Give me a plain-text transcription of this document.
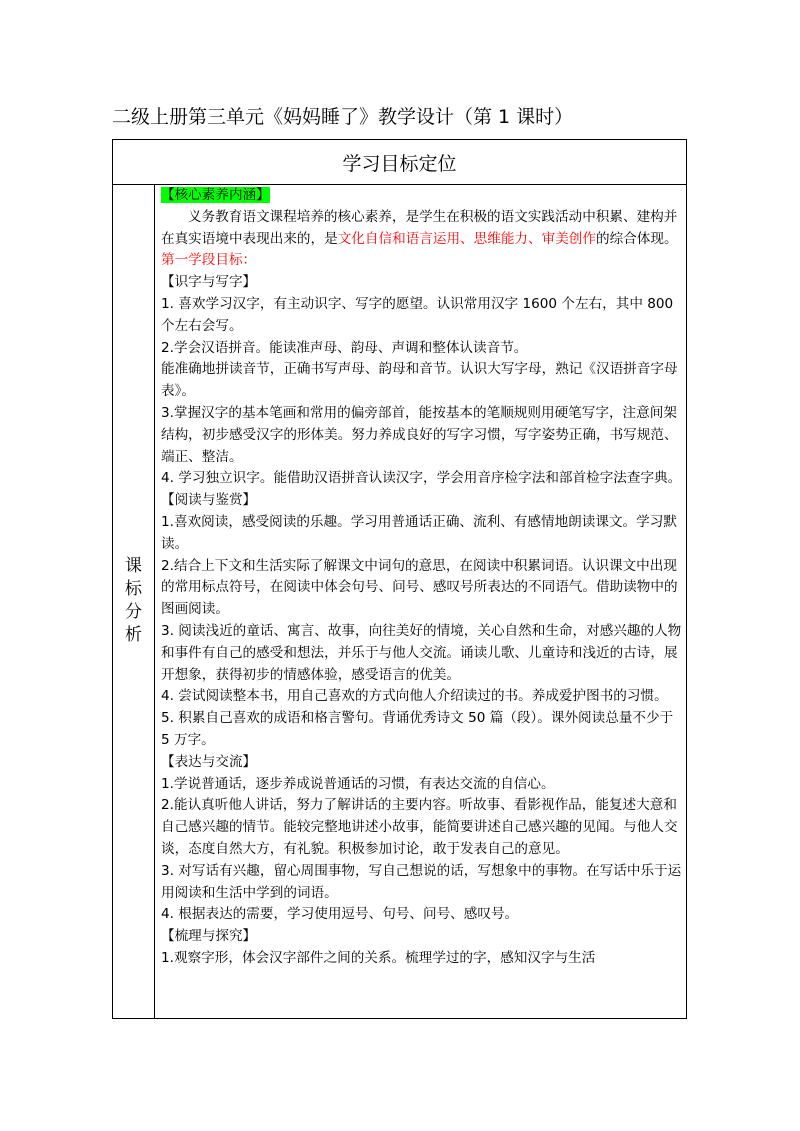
二级上册第三单元《妈妈睡了》教学设计（第 1 课时）
学习目标定位
课
标
分
析

【核心素养内涵】

义务教育语文课程培养的核心素养，是学生在积极的语文实践活动中积累、建构并在真实语境中表现出来的，是文化自信和语言运用、思维能力、审美创作的综合体现。

第一学段目标：

【识字与写字】

1. 喜欢学习汉字，有主动识字、写字的愿望。认识常用汉字 1600 个左右，其中 800 个左右会写。

2.学会汉语拼音。能读准声母、韵母、声调和整体认读音节。

能准确地拼读音节，正确书写声母、韵母和音节。认识大写字母，熟记《汉语拼音字母表》。

3.掌握汉字的基本笔画和常用的偏旁部首，能按基本的笔顺规则用硬笔写字，注意间架结构，初步感受汉字的形体美。努力养成良好的写字习惯，写字姿势正确，书写规范、端正、整洁。

4. 学习独立识字。能借助汉语拼音认读汉字，学会用音序检字法和部首检字法查字典。

【阅读与鉴赏】

1.喜欢阅读，感受阅读的乐趣。学习用普通话正确、流利、有感情地朗读课文。学习默读。

2.结合上下文和生活实际了解课文中词句的意思，在阅读中积累词语。认识课文中出现的常用标点符号，在阅读中体会句号、问号、感叹号所表达的不同语气。借助读物中的图画阅读。

3. 阅读浅近的童话、寓言、故事，向往美好的情境，关心自然和生命，对感兴趣的人物和事件有自己的感受和想法，并乐于与他人交流。诵读儿歌、儿童诗和浅近的古诗，展开想象，获得初步的情感体验，感受语言的优美。

4. 尝试阅读整本书，用自己喜欢的方式向他人介绍读过的书。养成爱护图书的习惯。

5. 积累自己喜欢的成语和格言警句。背诵优秀诗文 50 篇（段）。课外阅读总量不少于 5 万字。

【表达与交流】

1.学说普通话，逐步养成说普通话的习惯，有表达交流的自信心。

2.能认真听他人讲话，努力了解讲话的主要内容。听故事、看影视作品，能复述大意和自己感兴趣的情节。能较完整地讲述小故事，能简要讲述自己感兴趣的见闻。与他人交谈，态度自然大方，有礼貌。积极参加讨论，敢于发表自己的意见。

3. 对写话有兴趣，留心周围事物，写自己想说的话，写想象中的事物。在写话中乐于运用阅读和生活中学到的词语。

4. 根据表达的需要，学习使用逗号、句号、问号、感叹号。

【梳理与探究】

1.观察字形，体会汉字部件之间的关系。梳理学过的字，感知汉字与生活
